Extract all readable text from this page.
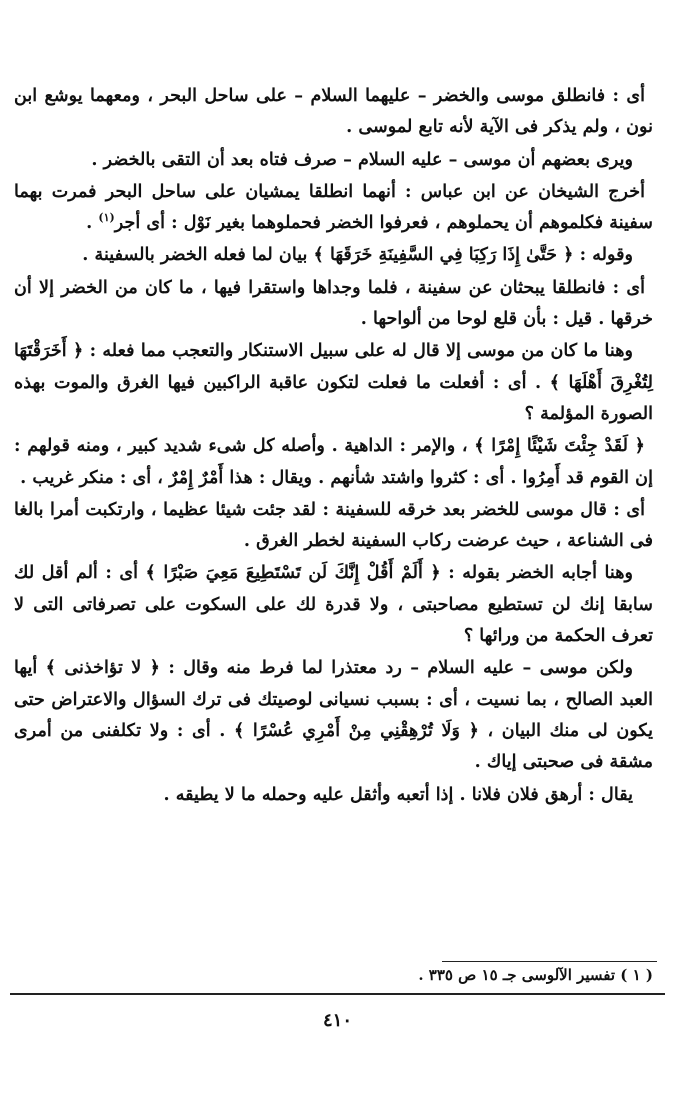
أى : فانطلق موسى والخضر – عليهما السلام – على ساحل البحر ، ومعهما يوشع ابن نون ، ولم يذكر فى الآية لأنه تابع لموسى .

ويرى بعضهم أن موسى – عليه السلام – صرف فتاه بعد أن التقى بالخضر .

أخرج الشيخان عن ابن عباس : أنهما انطلقا يمشيان على ساحل البحر فمرت بهما سفينة فكلموهم أن يحملوهم ، فعرفوا الخضر فحملوهما بغير نَوْل : أى أجر$^{(١)}$ .

وقوله : ﴿ حَتَّىٰ إِذَا رَكِبَا فِي السَّفِينَةِ خَرَقَهَا ﴾ بيان لما فعله الخضر بالسفينة .

أى : فانطلقا يبحثان عن سفينة ، فلما وجداها واستقرا فيها ، ما كان من الخضر إلا أن خرقها . قيل : بأن قلع لوحا من ألواحها .

وهنا ما كان من موسى إلا قال له على سبيل الاستنكار والتعجب مما فعله : ﴿ أَخَرَقْتَهَا لِتُغْرِقَ أَهْلَهَا ﴾ . أى : أفعلت ما فعلت لتكون عاقبة الراكبين فيها الغرق والموت بهذه الصورة المؤلمة ؟

﴿ لَقَدْ جِئْتَ شَيْئًا إِمْرًا ﴾ ، والإمر : الداهية . وأصله كل شىء شديد كبير ، ومنه قولهم : إن القوم قد أَمِرُوا . أى : كثروا واشتد شأنهم . ويقال : هذا أَمْرٌ إِمْرٌ ، أى : منكر غريب .

أى : قال موسى للخضر بعد خرقه للسفينة : لقد جئت شيئا عظيما ، وارتكبت أمرا بالغا فى الشناعة ، حيث عرضت ركاب السفينة لخطر الغرق .

وهنا أجابه الخضر بقوله : ﴿ أَلَمْ أَقُلْ إِنَّكَ لَن تَسْتَطِيعَ مَعِيَ صَبْرًا ﴾ أى : ألم أقل لك سابقا إنك لن تستطيع مصاحبتى ، ولا قدرة لك على السكوت على تصرفاتى التى لا تعرف الحكمة من ورائها ؟

ولكن موسى – عليه السلام – رد معتذرا لما فرط منه وقال : ﴿ لا تؤاخذنى ﴾ أيها العبد الصالح ، بما نسيت ، أى : بسبب نسيانى لوصيتك فى ترك السؤال والاعتراض حتى يكون لى منك البيان ، ﴿ وَلَا تُرْهِقْنِي مِنْ أَمْرِي عُسْرًا ﴾ . أى : ولا تكلفنى من أمرى مشقة فى صحبتى إياك .

يقال : أرهق فلان فلانا . إذا أتعبه وأثقل عليه وحمله ما لا يطيقه .

( ١ ) تفسير الآلوسى جـ ١٥ ص ٣٣٥ .
٤١٠
